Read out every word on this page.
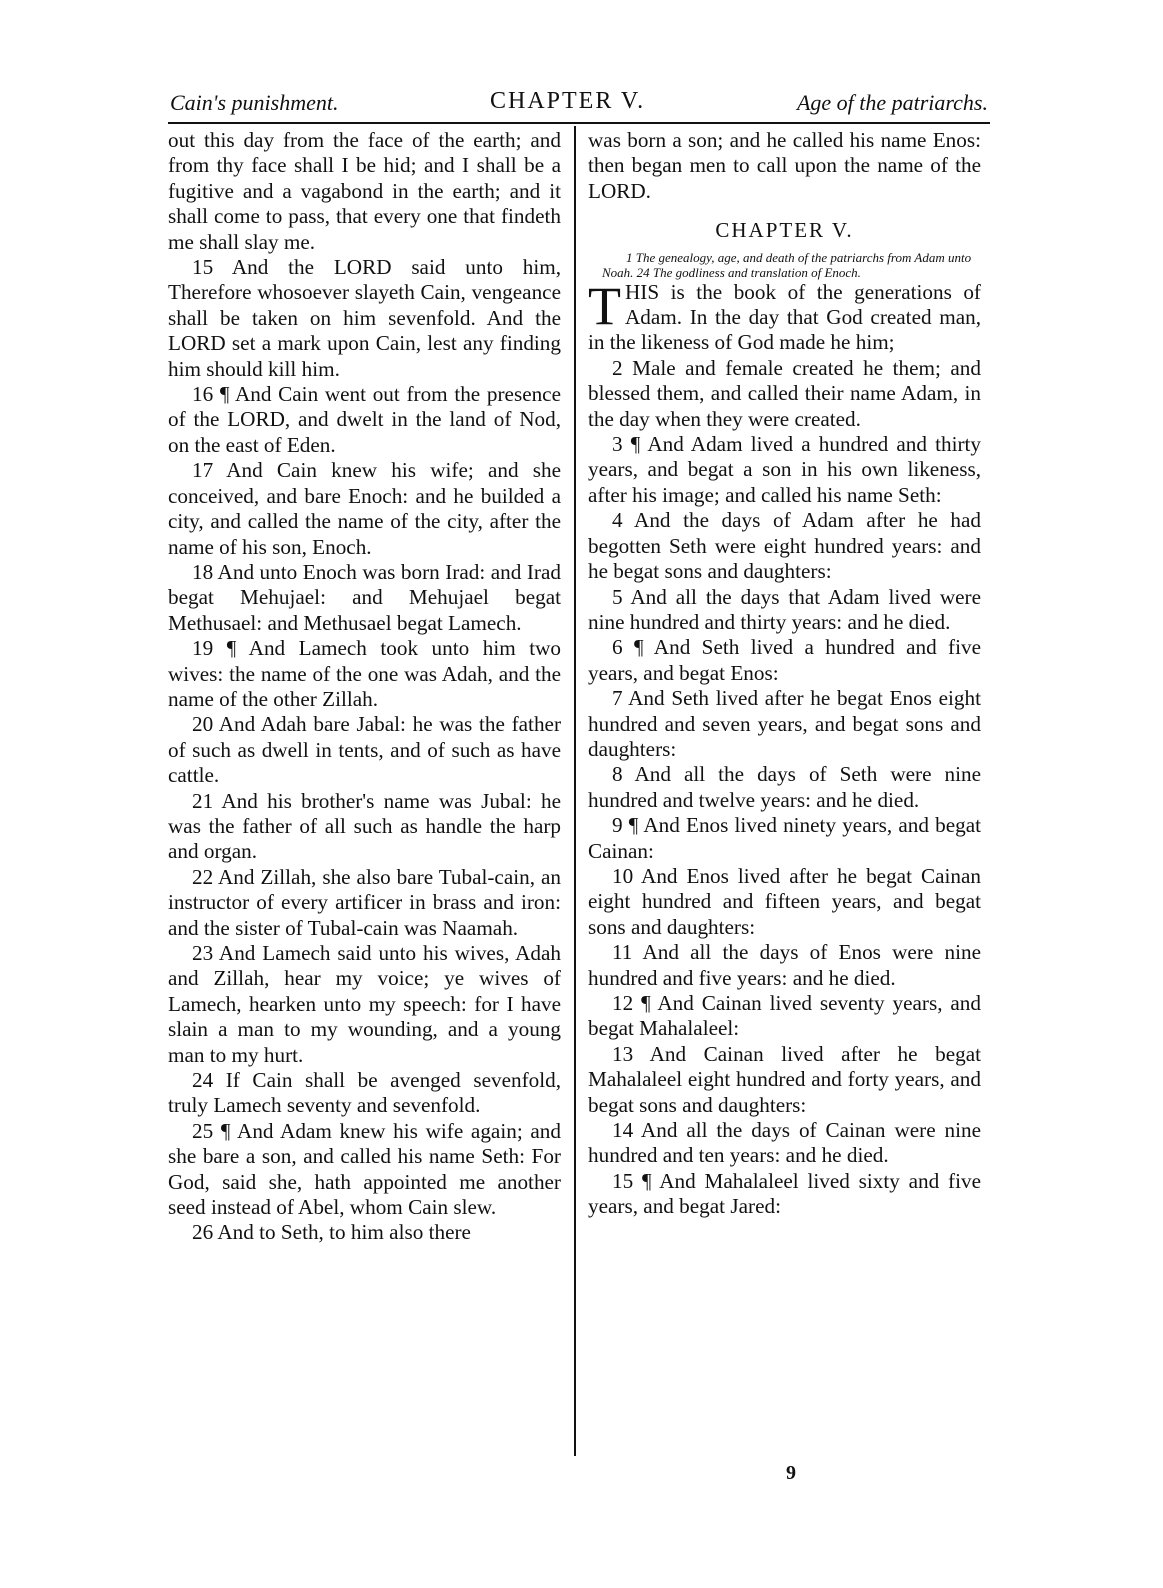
Cain's punishment.	CHAPTER V.	Age of the patriarchs.

out this day from the face of the earth; and from thy face shall I be hid; and I shall be a fugitive and a vagabond in the earth; and it shall come to pass, that every one that findeth me shall slay me.

15 And the LORD said unto him, Therefore whosoever slayeth Cain, vengeance shall be taken on him sevenfold. And the LORD set a mark upon Cain, lest any finding him should kill him.

16 ¶ And Cain went out from the presence of the LORD, and dwelt in the land of Nod, on the east of Eden.

17 And Cain knew his wife; and she conceived, and bare Enoch: and he builded a city, and called the name of the city, after the name of his son, Enoch.

18 And unto Enoch was born Irad: and Irad begat Mehujael: and Mehujael begat Methusael: and Methusael begat Lamech.

19 ¶ And Lamech took unto him two wives: the name of the one was Adah, and the name of the other Zillah.

20 And Adah bare Jabal: he was the father of such as dwell in tents, and of such as have cattle.

21 And his brother's name was Jubal: he was the father of all such as handle the harp and organ.

22 And Zillah, she also bare Tubal-cain, an instructor of every artificer in brass and iron: and the sister of Tubal-cain was Naamah.

23 And Lamech said unto his wives, Adah and Zillah, hear my voice; ye wives of Lamech, hearken unto my speech: for I have slain a man to my wounding, and a young man to my hurt.

24 If Cain shall be avenged sevenfold, truly Lamech seventy and sevenfold.

25 ¶ And Adam knew his wife again; and she bare a son, and called his name Seth: For God, said she, hath appointed me another seed instead of Abel, whom Cain slew.

26 And to Seth, to him also there

was born a son; and he called his name Enos: then began men to call upon the name of the LORD.

CHAPTER V.

1 The genealogy, age, and death of the patriarchs from Adam unto Noah. 24 The godliness and translation of Enoch.

THIS is the book of the generations of Adam. In the day that God created man, in the likeness of God made he him;

2 Male and female created he them; and blessed them, and called their name Adam, in the day when they were created.

3 ¶ And Adam lived a hundred and thirty years, and begat a son in his own likeness, after his image; and called his name Seth:

4 And the days of Adam after he had begotten Seth were eight hundred years: and he begat sons and daughters:

5 And all the days that Adam lived were nine hundred and thirty years: and he died.

6 ¶ And Seth lived a hundred and five years, and begat Enos:

7 And Seth lived after he begat Enos eight hundred and seven years, and begat sons and daughters:

8 And all the days of Seth were nine hundred and twelve years: and he died.

9 ¶ And Enos lived ninety years, and begat Cainan:

10 And Enos lived after he begat Cainan eight hundred and fifteen years, and begat sons and daughters:

11 And all the days of Enos were nine hundred and five years: and he died.

12 ¶ And Cainan lived seventy years, and begat Mahalaleel:

13 And Cainan lived after he begat Mahalaleel eight hundred and forty years, and begat sons and daughters:

14 And all the days of Cainan were nine hundred and ten years: and he died.

15 ¶ And Mahalaleel lived sixty and five years, and begat Jared:

9
